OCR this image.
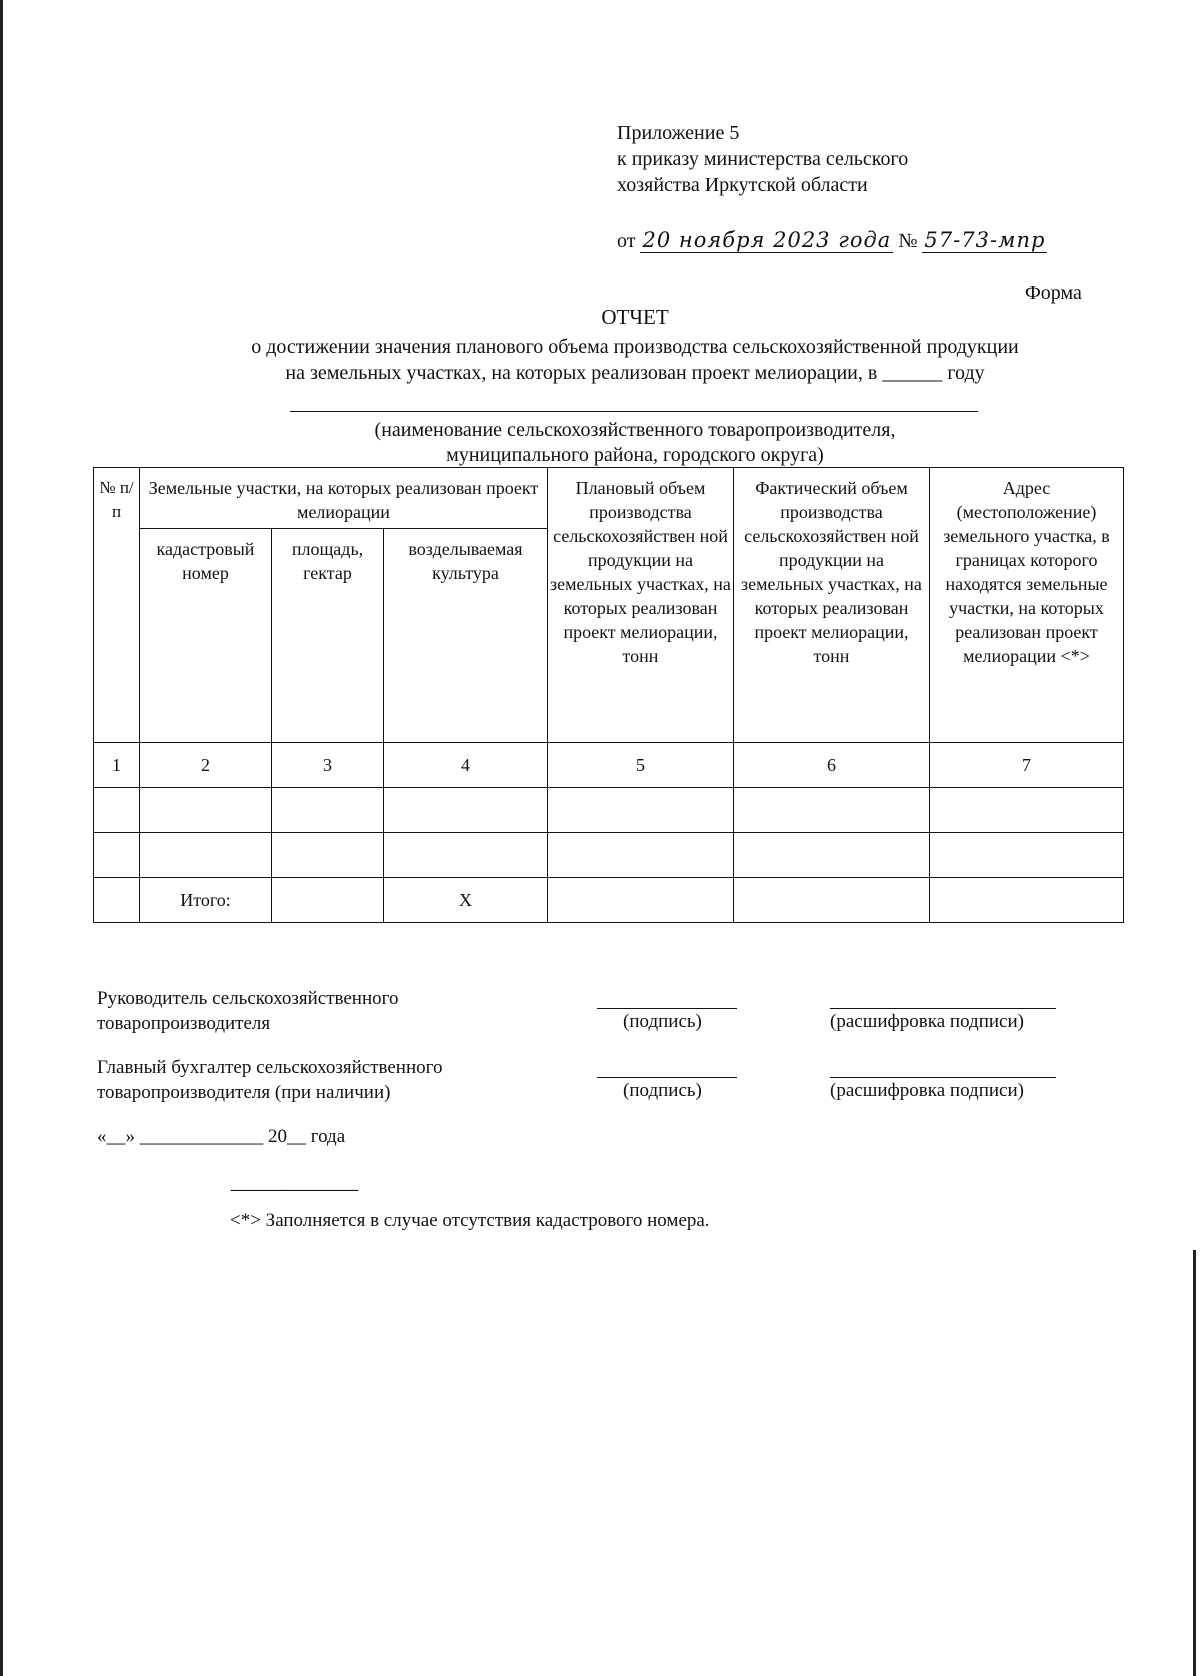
Приложение 5
к приказу министерства сельского
хозяйства Иркутской области
от 20 ноября 2023 года № 57-73-мпр
Форма
ОТЧЕТ
о достижении значения планового объема производства сельскохозяйственной продукции
на земельных участках, на которых реализован проект мелиорации, в ______ году
(наименование сельскохозяйственного товаропроизводителя,
муниципального района, городского округа)
№ п/п	Земельные участки, на которых реализован проект мелиорации			Плановый объем производства сельскохозяйствен ной продукции на земельных участках, на которых реализован проект мелиорации, тонн	Фактический объем производства сельскохозяйствен ной продукции на земельных участках, на которых реализован проект мелиорации, тонн	Адрес (местоположение) земельного участка, в границах которого находятся земельные участки, на которых реализован проект мелиорации <*>
	кадастровый номер	площадь, гектар	возделываемая культура			
1	2	3	4	5	6	7

	Итого:		X			
Руководитель сельскохозяйственного
товаропроизводителя	(подпись)	(расшифровка подписи)
Главный бухгалтер сельскохозяйственного
товаропроизводителя (при наличии)	(подпись)	(расшифровка подписи)
«__» _____________ 20__ года
--------------------------------
<*> Заполняется в случае отсутствия кадастрового номера.
